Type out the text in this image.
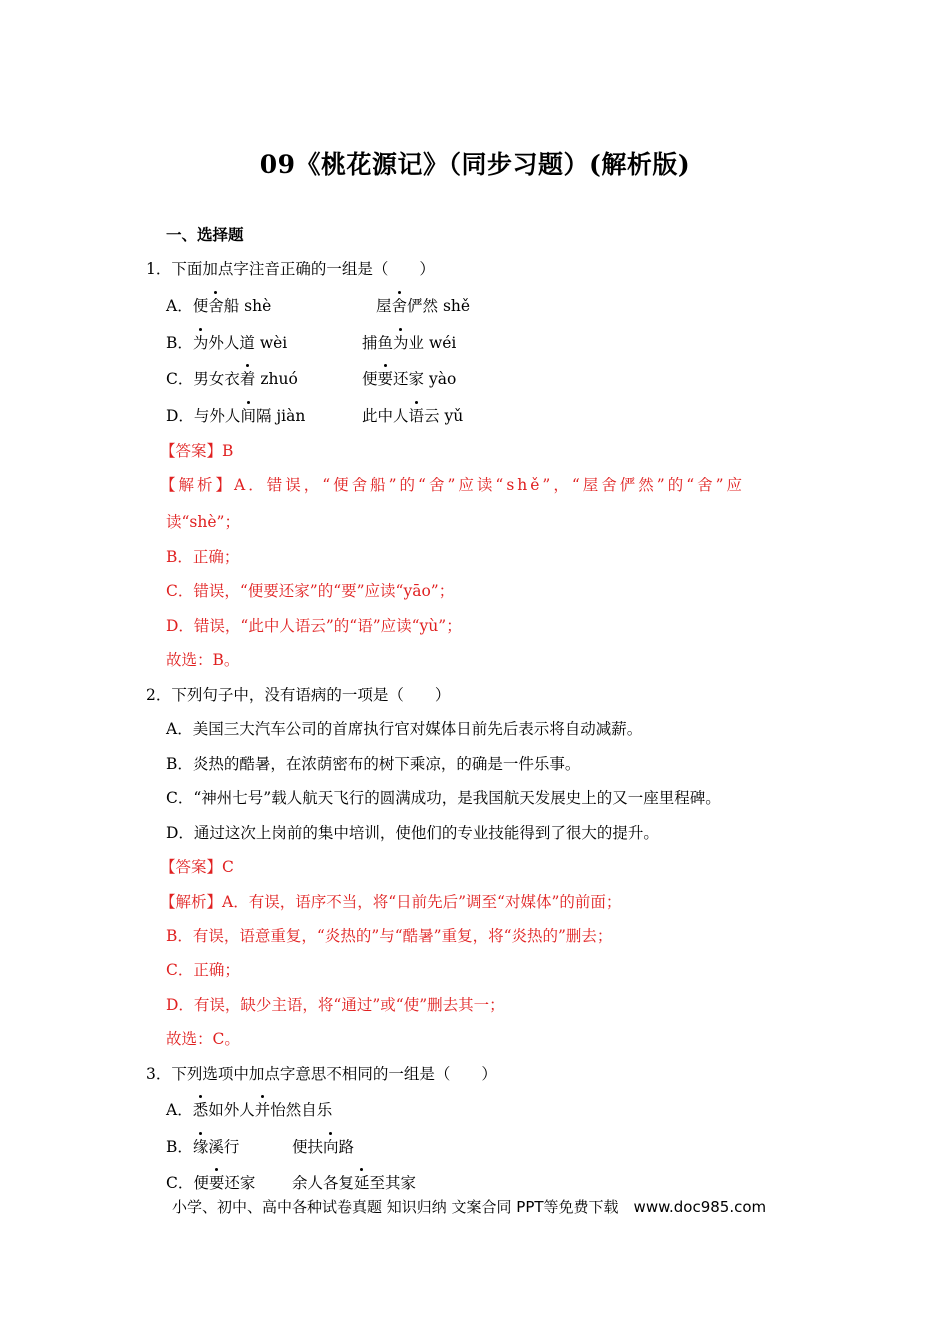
09《桃花源记》（同步习题）(解析版)
一、选择题
1．下面加点字注音正确的一组是（　　）
A．便舍船 shè	屋舍俨然 shě
B．为外人道 wèi	捕鱼为业 wéi
C．男女衣着 zhuó	便要还家 yào
D．与外人间隔 jiàn	此中人语云 yǔ
【答案】B
【解析】A．错误，“便舍船”的“舍”应读“shě”，“屋舍俨然”的“舍”应
读“shè”；
B．正确；
C．错误，“便要还家”的“要”应读“yāo”；
D．错误，“此中人语云”的“语”应读“yù”；
故选：B。
2．下列句子中，没有语病的一项是（　　）
A．美国三大汽车公司的首席执行官对媒体日前先后表示将自动减薪。
B．炎热的酷暑，在浓荫密布的树下乘凉，的确是一件乐事。
C．“神州七号”载人航天飞行的圆满成功，是我国航天发展史上的又一座里程碑。
D．通过这次上岗前的集中培训，使他们的专业技能得到了很大的提升。
【答案】C
【解析】A．有误，语序不当，将“日前先后”调至“对媒体”的前面；
B．有误，语意重复，“炎热的”与“酷暑”重复，将“炎热的”删去；
C．正确；
D．有误，缺少主语，将“通过”或“使”删去其一；
故选：C。
3．下列选项中加点字意思不相同的一组是（　　）
A．悉如外人并怡然自乐
B．缘溪行	便扶向路
C．便要还家 余人各复延至其家
小学、初中、高中各种试卷真题 知识归纳 文案合同 PPT等免费下载　www.doc985.com
